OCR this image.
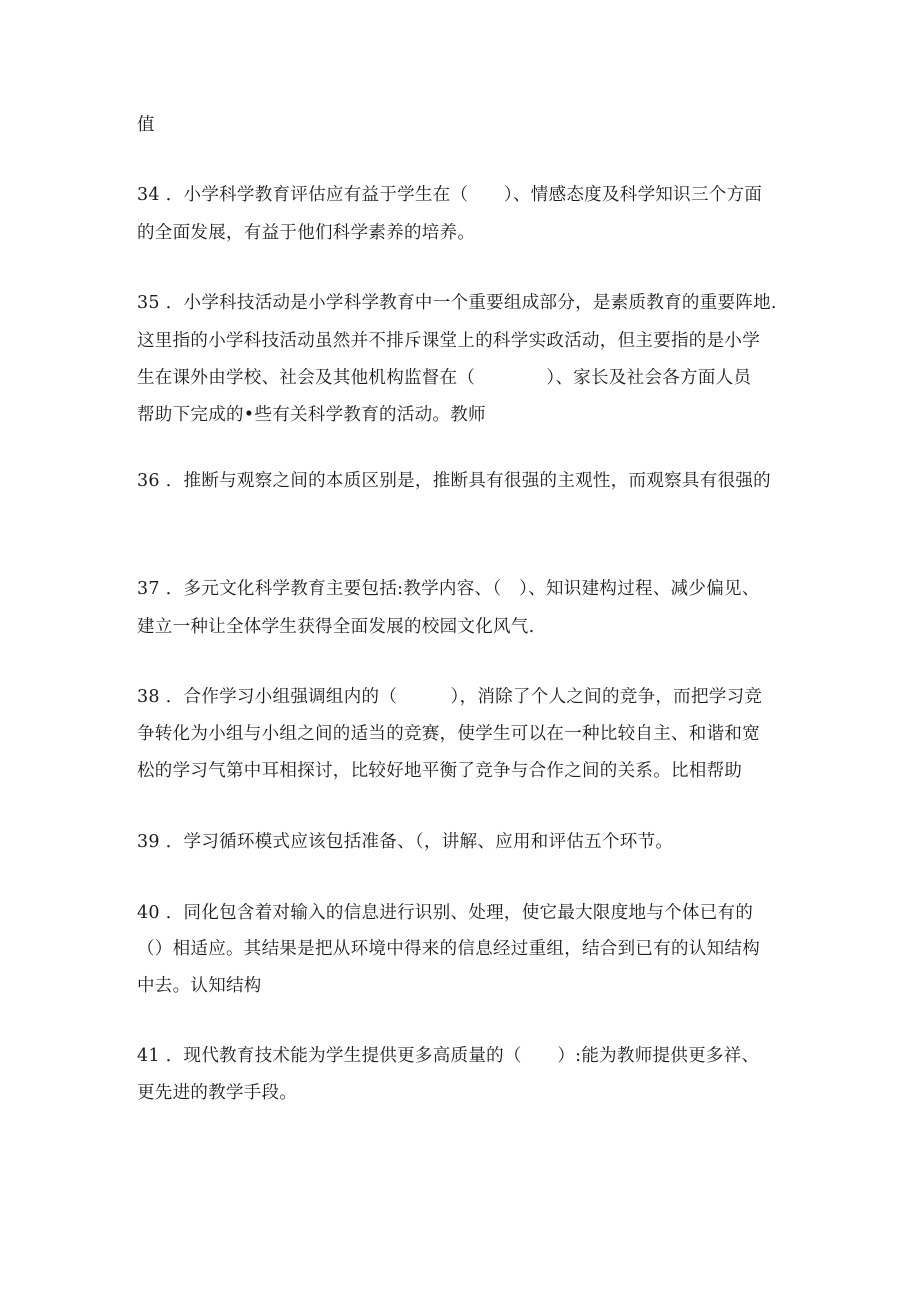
值
34 ．小学科学教育评估应有益于学生在（　　）、情感态度及科学知识三个方面
的全面发展，有益于他们科学素养的培养。
35 ．小学科技活动是小学科学教育中一个重要组成部分，是素质教育的重要阵地.
这里指的小学科技活动虽然并不排斥课堂上的科学实政活动，但主要指的是小学
生在课外由学校、社会及其他机构监督在（　　　　）、家长及社会各方面人员
帮助下完成的•些有关科学教育的活动。教师
36 ．推断与观察之间的本质区别是，推断具有很强的主观性，而观察具有很强的
37 ．多元文化科学教育主要包括:教学内容、（　）、知识建构过程、减少偏见、
建立一种让全体学生获得全面发展的校园文化风气.
38 ．合作学习小组强调组内的（　　　），消除了个人之间的竞争，而把学习竞
争转化为小组与小组之间的适当的竞赛，使学生可以在一种比较自主、和谐和宽
松的学习气第中耳相探讨，比较好地平衡了竞争与合作之间的关系。比相帮助
39 ．学习循环模式应该包括准备、（，讲解、应用和评估五个环节。
40 ．同化包含着对输入的信息进行识别、处理，使它最大限度地与个体已有的
（）相适应。其结果是把从环境中得来的信息经过重组，结合到已有的认知结构
中去。认知结构
41 ．现代教育技术能为学生提供更多高质量的（　　）:能为教师提供更多祥、
更先进的教学手段。
